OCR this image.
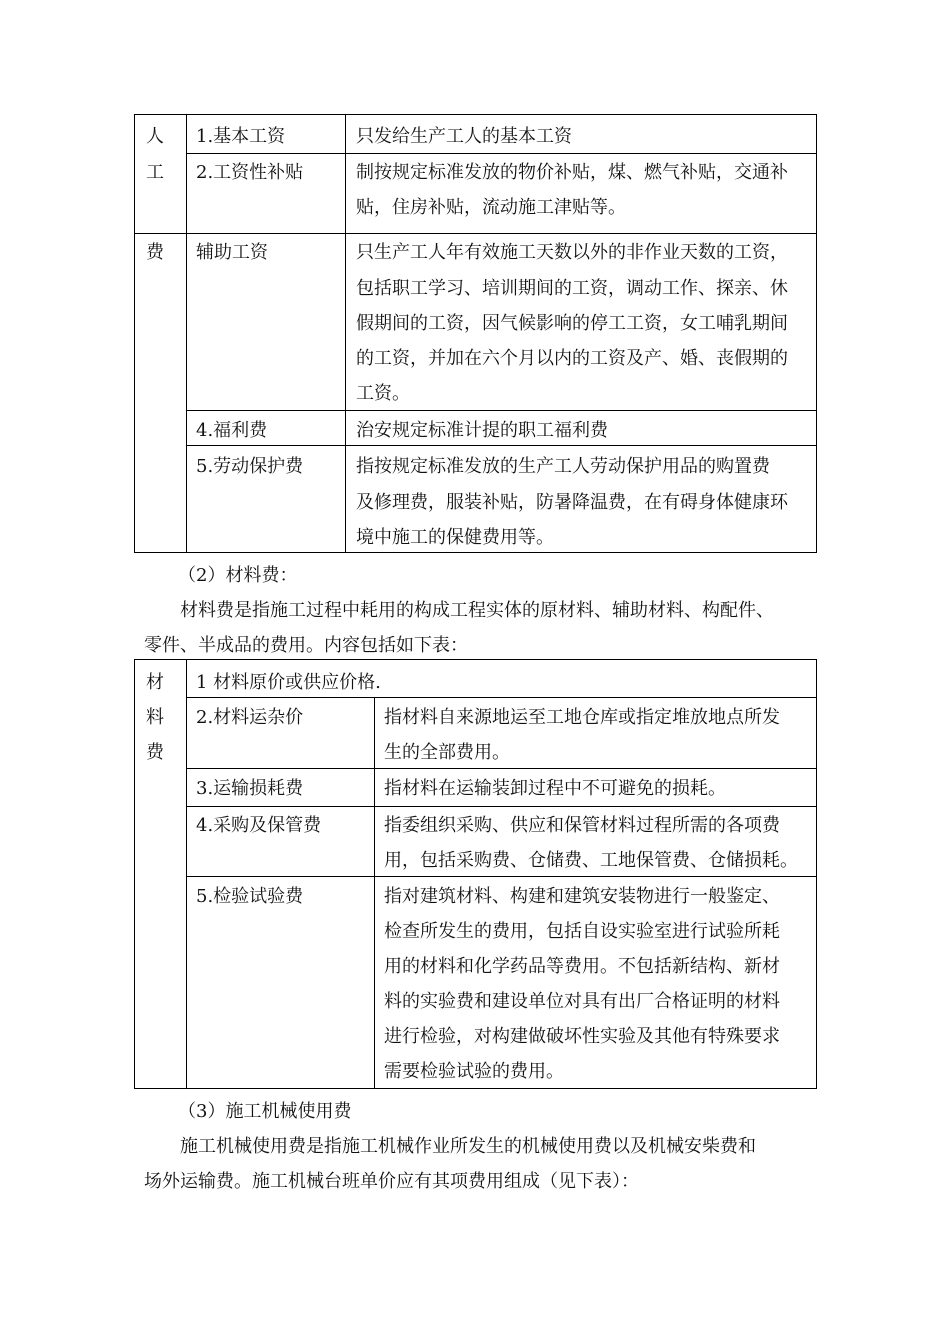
人
工
费
1.基本工资	只发给生产工人的基本工资
2.工资性补贴	制按规定标准发放的物价补贴，煤、燃气补贴，交通补
贴，住房补贴，流动施工津贴等。
辅助工资	只生产工人年有效施工天数以外的非作业天数的工资，
包括职工学习、培训期间的工资，调动工作、探亲、休
假期间的工资，因气候影响的停工工资，女工哺乳期间
的工资，并加在六个月以内的工资及产、婚、丧假期的
工资。
4.福利费	治安规定标准计提的职工福利费
5.劳动保护费	指按规定标准发放的生产工人劳动保护用品的购置费
及修理费，服装补贴，防暑降温费，在有碍身体健康环
境中施工的保健费用等。
（2）材料费：
材料费是指施工过程中耗用的构成工程实体的原材料、辅助材料、构配件、
零件、半成品的费用。内容包括如下表：
材
料
费
1 材料原价或供应价格.
2.材料运杂价	指材料自来源地运至工地仓库或指定堆放地点所发
生的全部费用。
3.运输损耗费	指材料在运输装卸过程中不可避免的损耗。
4.采购及保管费	指委组织采购、供应和保管材料过程所需的各项费
用，包括采购费、仓储费、工地保管费、仓储损耗。
5.检验试验费	指对建筑材料、构建和建筑安装物进行一般鉴定、
检查所发生的费用，包括自设实验室进行试验所耗
用的材料和化学药品等费用。不包括新结构、新材
料的实验费和建设单位对具有出厂合格证明的材料
进行检验，对构建做破坏性实验及其他有特殊要求
需要检验试验的费用。
（3）施工机械使用费
施工机械使用费是指施工机械作业所发生的机械使用费以及机械安柴费和
场外运输费。施工机械台班单价应有其项费用组成（见下表）：
